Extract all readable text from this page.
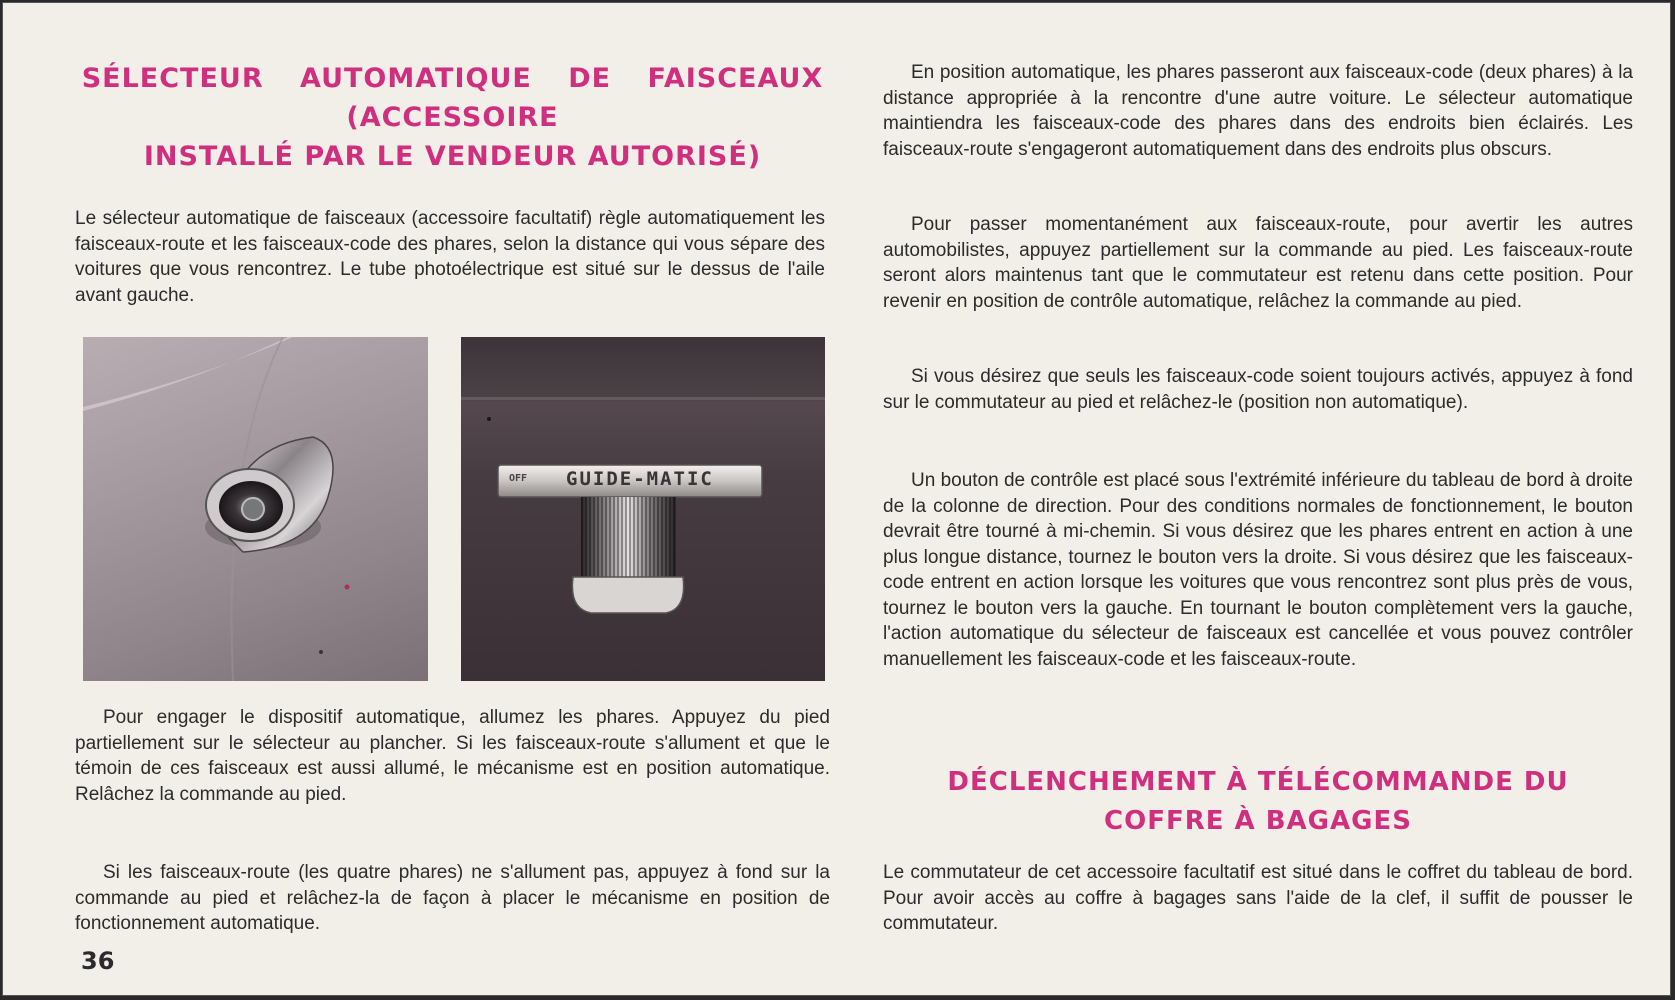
SÉLECTEUR AUTOMATIQUE DE FAISCEAUX
(ACCESSOIRE
INSTALLÉ PAR LE VENDEUR AUTORISÉ)

Le sélecteur automatique de faisceaux (accessoire facultatif) règle automatiquement les faisceaux-route et les faisceaux-code des phares, selon la distance qui vous sépare des voitures que vous rencontrez. Le tube photoélectrique est situé sur le dessus de l'aile avant gauche.

OFF GUIDE-MATIC

Pour engager le dispositif automatique, allumez les phares. Appuyez du pied partiellement sur le sélecteur au plancher. Si les faisceaux-route s'allument et que le témoin de ces faisceaux est aussi allumé, le mécanisme est en position automatique. Relâchez la commande au pied.

Si les faisceaux-route (les quatre phares) ne s'allument pas, appuyez à fond sur la commande au pied et relâchez-la de façon à placer le mécanisme en position de fonctionnement automatique.

36

En position automatique, les phares passeront aux faisceaux-code (deux phares) à la distance appropriée à la rencontre d'une autre voiture. Le sélecteur automatique maintiendra les faisceaux-code des phares dans des endroits bien éclairés. Les faisceaux-route s'engageront automatiquement dans des endroits plus obscurs.

Pour passer momentanément aux faisceaux-route, pour avertir les autres automobilistes, appuyez partiellement sur la commande au pied. Les faisceaux-route seront alors maintenus tant que le commutateur est retenu dans cette position. Pour revenir en position de contrôle automatique, relâchez la commande au pied.

Si vous désirez que seuls les faisceaux-code soient toujours activés, appuyez à fond sur le commutateur au pied et relâchez-le (position non automatique).

Un bouton de contrôle est placé sous l'extrémité inférieure du tableau de bord à droite de la colonne de direction. Pour des conditions normales de fonctionnement, le bouton devrait être tourné à mi-chemin. Si vous désirez que les phares entrent en action à une plus longue distance, tournez le bouton vers la droite. Si vous désirez que les faisceaux-code entrent en action lorsque les voitures que vous rencontrez sont plus près de vous, tournez le bouton vers la gauche. En tournant le bouton complètement vers la gauche, l'action automatique du sélecteur de faisceaux est cancellée et vous pouvez contrôler manuellement les faisceaux-code et les faisceaux-route.

DÉCLENCHEMENT À TÉLÉCOMMANDE DU
COFFRE À BAGAGES

Le commutateur de cet accessoire facultatif est situé dans le coffret du tableau de bord. Pour avoir accès au coffre à bagages sans l'aide de la clef, il suffit de pousser le commutateur.
